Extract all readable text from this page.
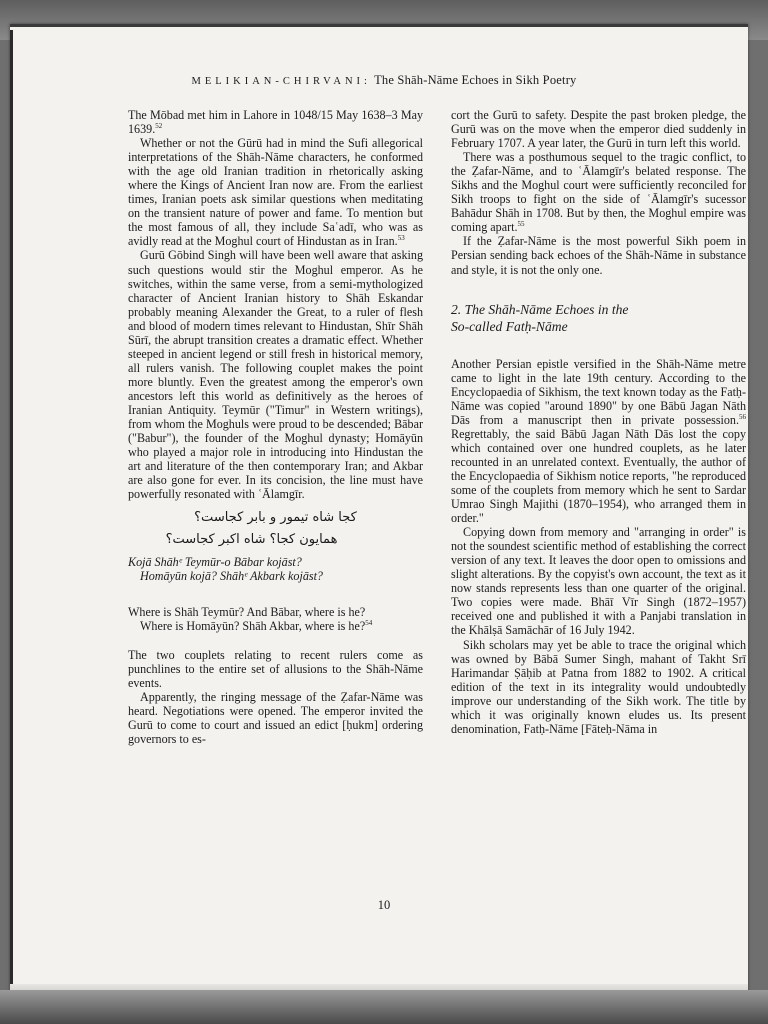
MELIKIAN-CHIRVANI: The Shāh-Nāme Echoes in Sikh Poetry

The Mōbad met him in Lahore in 1048/15 May 1638–3 May 1639.52

Whether or not the Gūrū had in mind the Sufi allegorical interpretations of the Shāh-Nāme characters, he conformed with the age old Iranian tradition in rhetorically asking where the Kings of Ancient Iran now are. From the earliest times, Iranian poets ask similar questions when meditating on the transient nature of power and fame. To mention but the most famous of all, they include Saʿadī, who was as avidly read at the Moghul court of Hindustan as in Iran.$^{53}$

Gurū Gōbind Singh will have been well aware that asking such questions would stir the Moghul emperor. As he switches, within the same verse, from a semi-mythologized character of Ancient Iranian history to Shāh Eskandar probably meaning Alexander the Great, to a ruler of flesh and blood of modern times relevant to Hindustan, Shīr Shāh Sūrī, the abrupt transition creates a dramatic effect. Whether steeped in ancient legend or still fresh in historical memory, all rulers vanish. The following couplet makes the point more bluntly. Even the greatest among the emperor's own ancestors left this world as definitively as the heroes of Iranian Antiquity. Teymūr ("Timur" in Western writings), from whom the Moghuls were proud to be descended; Bābar ("Babur"), the founder of the Moghul dynasty; Homāyūn who played a major role in introducing into Hindustan the art and literature of the then contemporary Iran; and Akbar are also gone for ever. In its concision, the line must have powerfully resonated with ʿĀlamgīr.

کجا شاه تیمور و بابر کجاست؟
همایون کجا؟ شاه اکبر کجاست؟
Kojā Shāhᵉ Teymūr-o Bābar kojāst?
Homāyūn kojā? Shāhᵉ Akbark kojāst?
Where is Shāh Teymūr? And Bābar, where is he?
Where is Homāyūn? Shāh Akbar, where is he?$^{54}$

The two couplets relating to recent rulers come as punchlines to the entire set of allusions to the Shāh-Nāme events.

Apparently, the ringing message of the Ẓafar-Nāme was heard. Negotiations were opened. The emperor invited the Gurū to come to court and issued an edict [ḥukm] ordering governors to es-

cort the Gurū to safety. Despite the past broken pledge, the Gurū was on the move when the emperor died suddenly in February 1707. A year later, the Gurū in turn left this world.

There was a posthumous sequel to the tragic conflict, to the Ẓafar-Nāme, and to ʿĀlamgīr's belated response. The Sikhs and the Moghul court were sufficiently reconciled for Sikh troops to fight on the side of ʿĀlamgīr's sucessor Bahādur Shāh in 1708. But by then, the Moghul empire was coming apart.$^{55}$

If the Ẓafar-Nāme is the most powerful Sikh poem in Persian sending back echoes of the Shāh-Nāme in substance and style, it is not the only one.

2. The Shāh-Nāme Echoes in the
So-called Fatḥ-Nāme

Another Persian epistle versified in the Shāh-Nāme metre came to light in the late 19th century. According to the Encyclopaedia of Sikhism, the text known today as the Fatḥ-Nāme was copied "around 1890" by one Bābū Jagan Nāth Dās from a manuscript then in private possession.$^{56}$ Regrettably, the said Bābū Jagan Nāth Dās lost the copy which contained over one hundred couplets, as he later recounted in an unrelated context. Eventually, the author of the Encyclopaedia of Sikhism notice reports, "he reproduced some of the couplets from memory which he sent to Sardar Umrao Singh Majithi (1870–1954), who arranged them in order."

Copying down from memory and "arranging in order" is not the soundest scientific method of establishing the correct version of any text. It leaves the door open to omissions and slight alterations. By the copyist's own account, the text as it now stands represents less than one quarter of the original. Two copies were made. Bhāī Vīr Singh (1872–1957) received one and published it with a Panjabi translation in the Khālṣā Samāchār of 16 July 1942.

Sikh scholars may yet be able to trace the original which was owned by Bābā Sumer Singh, mahant of Takht Srī Harimandar Ṣāḥib at Patna from 1882 to 1902. A critical edition of the text in its integrality would undoubtedly improve our understanding of the Sikh work. The title by which it was originally known eludes us. Its present denomination, Fatḥ-Nāme [Fāteḥ-Nāma in

10
